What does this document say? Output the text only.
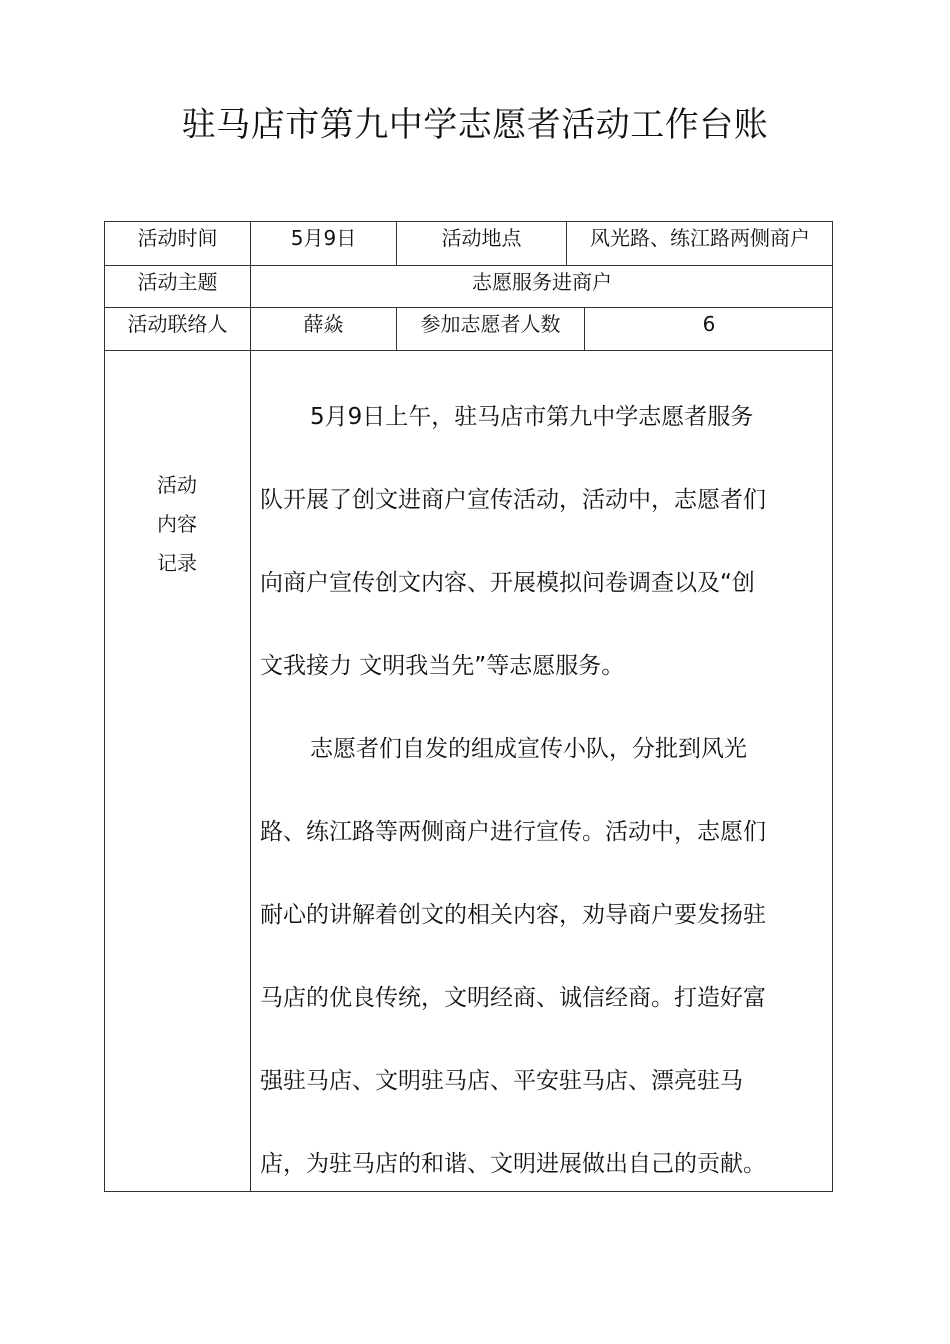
驻马店市第九中学志愿者活动工作台账
活动时间	5月9日	活动地点	风光路、练江路两侧商户
活动主题	志愿服务进商户
活动联络人	薛焱	参加志愿者人数	6
活动
内容
记录
5月9日上午，驻马店市第九中学志愿者服务
队开展了创文进商户宣传活动，活动中，志愿者们
向商户宣传创文内容、开展模拟问卷调查以及“创
文我接力 文明我当先”等志愿服务。
志愿者们自发的组成宣传小队，分批到风光
路、练江路等两侧商户进行宣传。活动中，志愿们
耐心的讲解着创文的相关内容，劝导商户要发扬驻
马店的优良传统，文明经商、诚信经商。打造好富
强驻马店、文明驻马店、平安驻马店、漂亮驻马
店，为驻马店的和谐、文明进展做出自己的贡献。
